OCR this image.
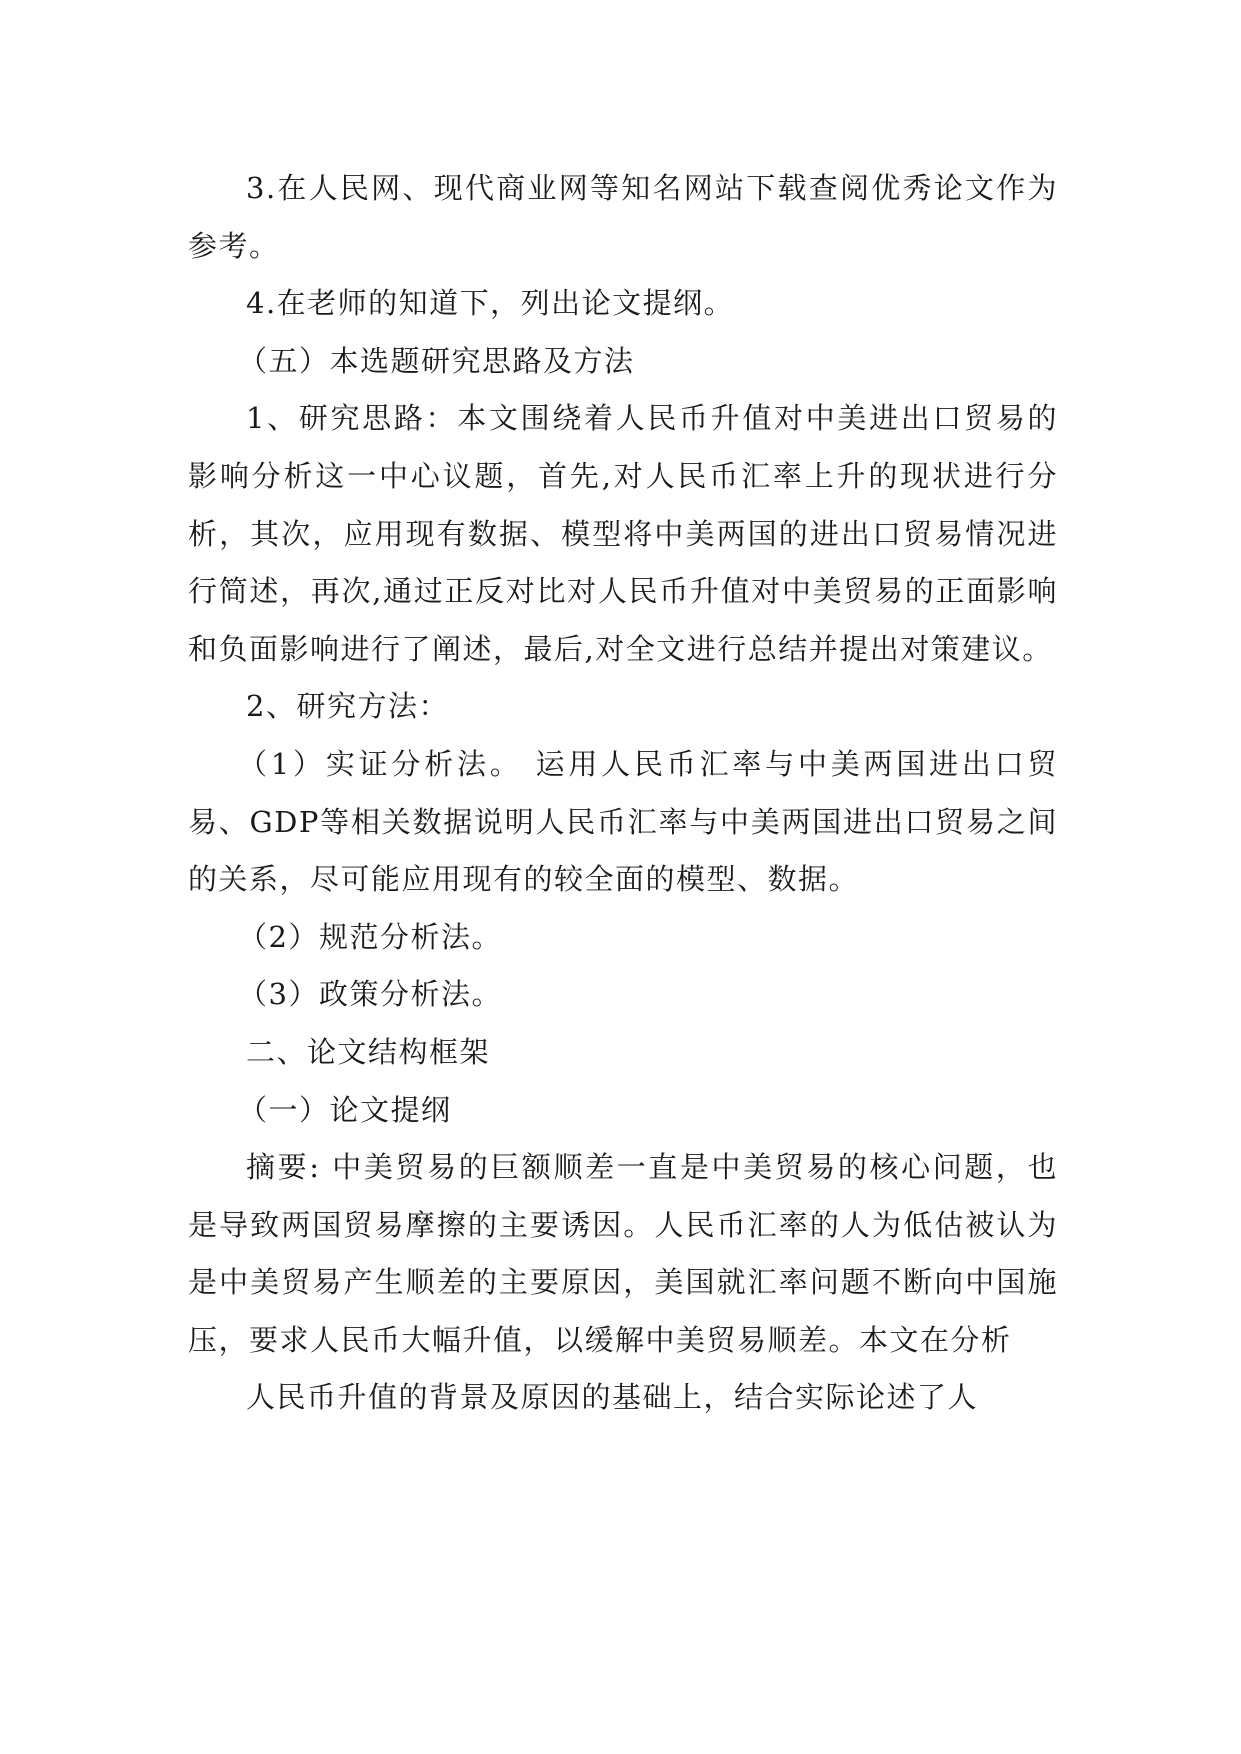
3.在人民网、现代商业网等知名网站下载查阅优秀论文作为参考。

4.在老师的知道下，列出论文提纲。

（五）本选题研究思路及方法

1、研究思路：本文围绕着人民币升值对中美进出口贸易的影响分析这一中心议题，首先,对人民币汇率上升的现状进行分析，其次，应用现有数据、模型将中美两国的进出口贸易情况进行简述，再次,通过正反对比对人民币升值对中美贸易的正面影响和负面影响进行了阐述，最后,对全文进行总结并提出对策建议。

2、研究方法：

（1）实证分析法。 运用人民币汇率与中美两国进出口贸易、GDP等相关数据说明人民币汇率与中美两国进出口贸易之间的关系，尽可能应用现有的较全面的模型、数据。

（2）规范分析法。

（3）政策分析法。

二、论文结构框架

（一）论文提纲

摘要: 中美贸易的巨额顺差一直是中美贸易的核心问题，也是导致两国贸易摩擦的主要诱因。人民币汇率的人为低估被认为是中美贸易产生顺差的主要原因，美国就汇率问题不断向中国施压，要求人民币大幅升值，以缓解中美贸易顺差。本文在分析

人民币升值的背景及原因的基础上，结合实际论述了人
